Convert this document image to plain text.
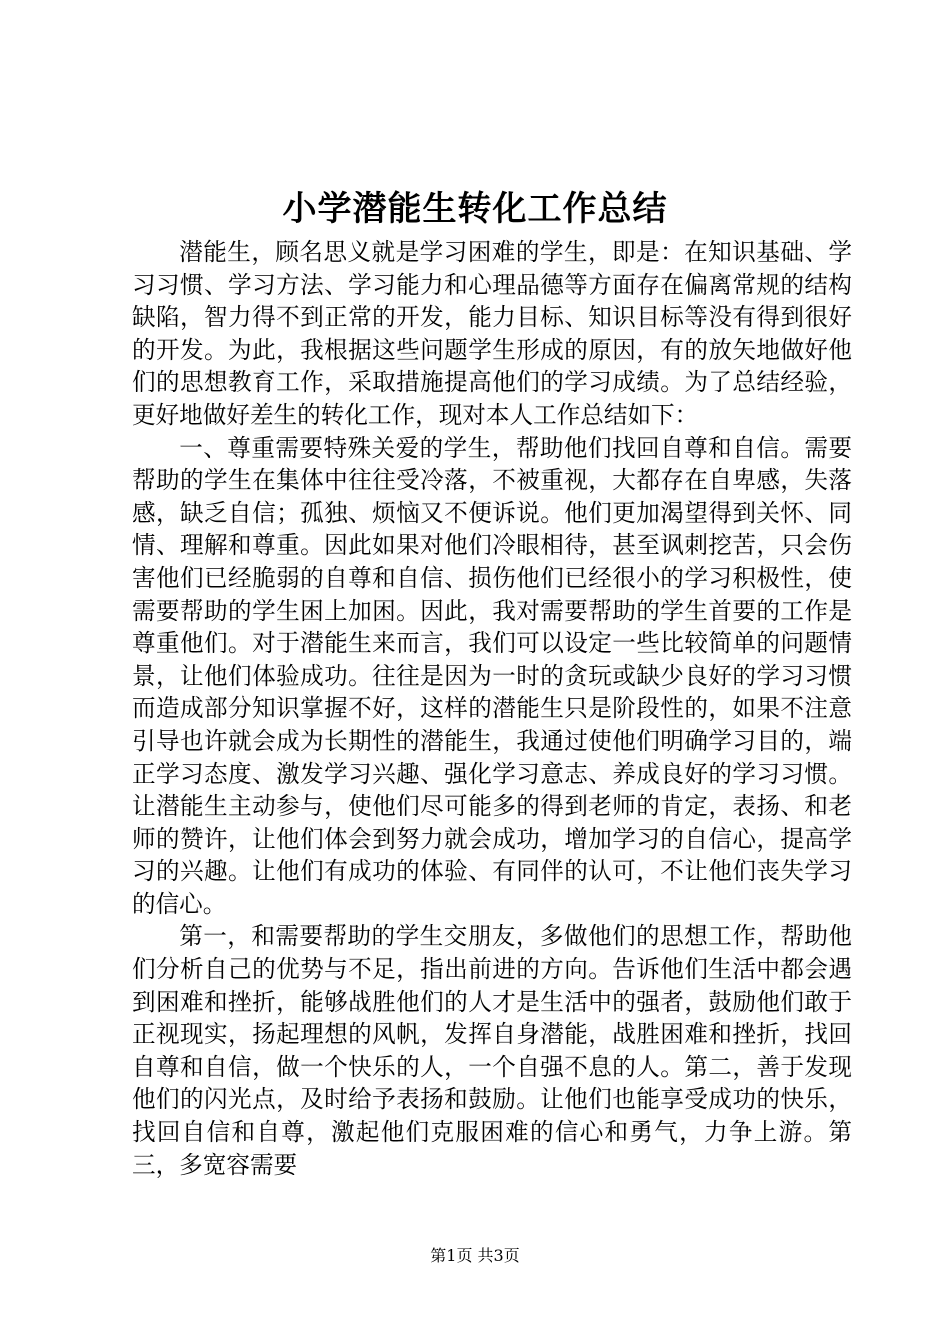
小学潜能生转化工作总结

潜能生，顾名思义就是学习困难的学生，即是：在知识基础、学习习惯、学习方法、学习能力和心理品德等方面存在偏离常规的结构缺陷，智力得不到正常的开发，能力目标、知识目标等没有得到很好的开发。为此，我根据这些问题学生形成的原因，有的放矢地做好他们的思想教育工作，采取措施提高他们的学习成绩。为了总结经验，更好地做好差生的转化工作，现对本人工作总结如下：

一、尊重需要特殊关爱的学生，帮助他们找回自尊和自信。需要帮助的学生在集体中往往受冷落，不被重视，大都存在自卑感，失落感，缺乏自信；孤独、烦恼又不便诉说。他们更加渴望得到关怀、同情、理解和尊重。因此如果对他们冷眼相待，甚至讽刺挖苦，只会伤害他们已经脆弱的自尊和自信、损伤他们已经很小的学习积极性，使需要帮助的学生困上加困。因此，我对需要帮助的学生首要的工作是尊重他们。对于潜能生来而言，我们可以设定一些比较简单的问题情景，让他们体验成功。往往是因为一时的贪玩或缺少良好的学习习惯而造成部分知识掌握不好，这样的潜能生只是阶段性的，如果不注意引导也许就会成为长期性的潜能生，我通过使他们明确学习目的，端正学习态度、激发学习兴趣、强化学习意志、养成良好的学习习惯。让潜能生主动参与，使他们尽可能多的得到老师的肯定，表扬、和老师的赞许，让他们体会到努力就会成功，增加学习的自信心，提高学习的兴趣。让他们有成功的体验、有同伴的认可，不让他们丧失学习的信心。

第一，和需要帮助的学生交朋友，多做他们的思想工作，帮助他们分析自己的优势与不足，指出前进的方向。告诉他们生活中都会遇到困难和挫折，能够战胜他们的人才是生活中的强者，鼓励他们敢于正视现实，扬起理想的风帆，发挥自身潜能，战胜困难和挫折，找回自尊和自信，做一个快乐的人，一个自强不息的人。第二，善于发现他们的闪光点，及时给予表扬和鼓励。让他们也能享受成功的快乐，找回自信和自尊，激起他们克服困难的信心和勇气，力争上游。第三，多宽容需要

第1页 共3页
